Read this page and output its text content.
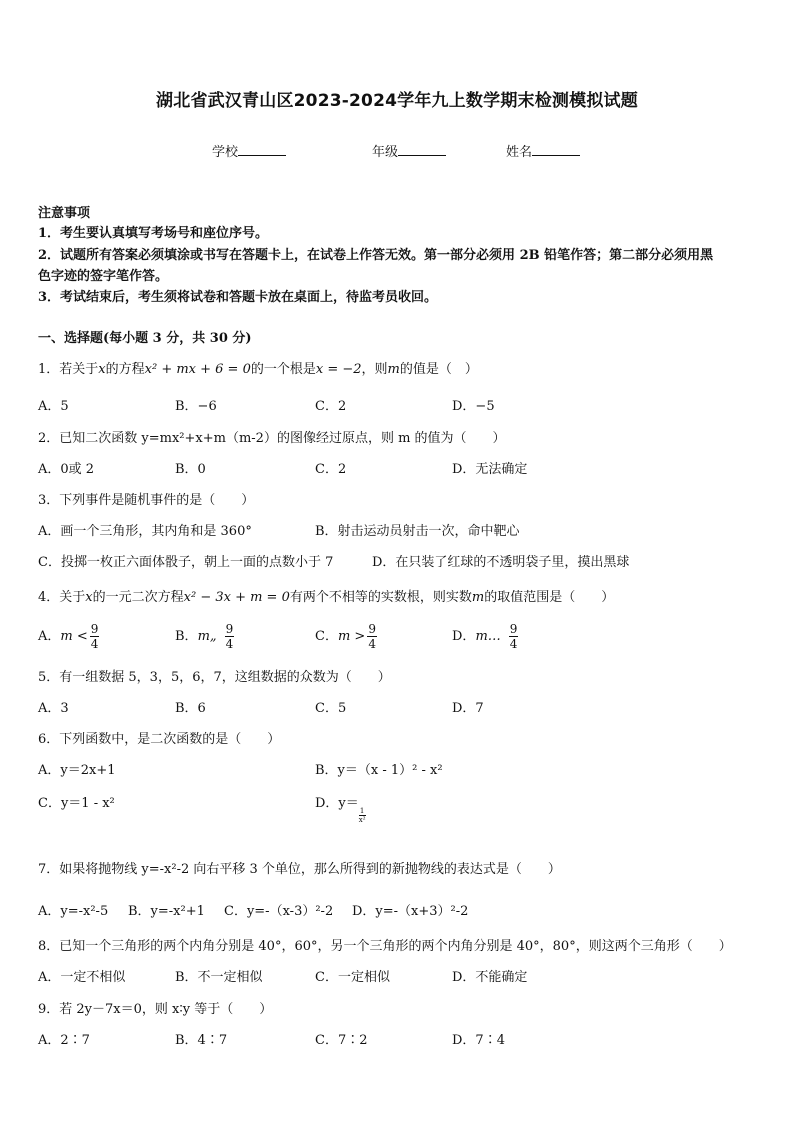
湖北省武汉青山区2023-2024学年九上数学期末检测模拟试题
学校	年级	姓名
注意事项
1．考生要认真填写考场号和座位序号。
2．试题所有答案必须填涂或书写在答题卡上，在试卷上作答无效。第一部分必须用 2B 铅笔作答；第二部分必须用黑
色字迹的签字笔作答。
3．考试结束后，考生须将试卷和答题卡放在桌面上，待监考员收回。
一、选择题(每小题 3 分，共 30 分)
1．若关于x的方程x² + mx + 6 = 0的一个根是x = −2，则m的值是（　）
A．5	B．−6	C．2	D．−5
2．已知二次函数 y=mx²+x+m（m-2）的图像经过原点，则 m 的值为（　　）
A．0或 2	B．0	C．2	D．无法确定
3．下列事件是随机事件的是（　　）
A．画一个三角形，其内角和是 360°	B．射击运动员射击一次，命中靶心
C．投掷一枚正六面体骰子，朝上一面的点数小于 7	D．在只装了红球的不透明袋子里，摸出黑球
4．关于x的一元二次方程x² − 3x + m = 0有两个不相等的实数根，则实数m的取值范围是（　　）
A．$m < \frac{9}{4}$	B．m„ $\frac{9}{4}$	C．$m > \frac{9}{4}$	D．m… $\frac{9}{4}$
5．有一组数据 5，3，5，6，7，这组数据的众数为（　　）
A．3	B．6	C．5	D．7
6．下列函数中，是二次函数的是（　　）
A．y＝2x+1	B．y＝（x - 1）² - x²
C．y＝1 - x²	D．y＝
$\frac{1}{\text{x²}}$
7．如果将抛物线 y=-x²-2 向右平移 3 个单位，那么所得到的新抛物线的表达式是（　　）
A．y=-x²-5 B．y=-x²+1 C．y=-（x-3）²-2 D．y=-（x+3）²-2
8．已知一个三角形的两个内角分别是 40°，60°，另一个三角形的两个内角分别是 40°，80°，则这两个三角形（　　）
A．一定不相似	B．不一定相似	C．一定相似	D．不能确定
9．若 2y－7x＝0，则 x∶y 等于（　　）
A．2∶7	B．4∶7	C．7∶2	D．7∶4
